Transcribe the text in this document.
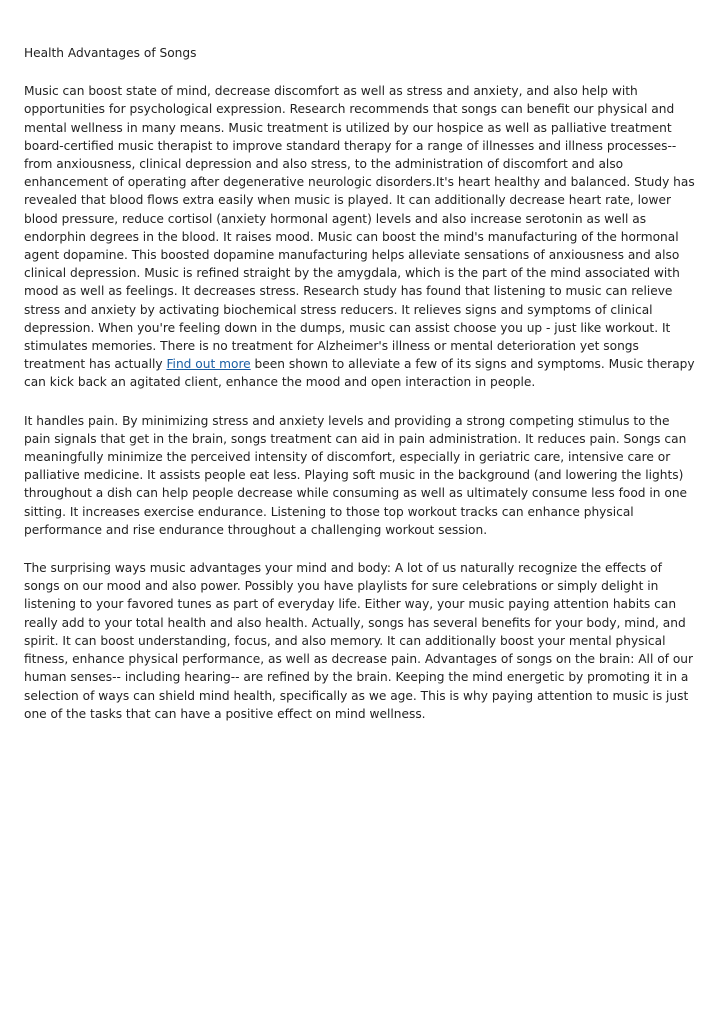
Health Advantages of Songs

Music can boost state of mind, decrease discomfort as well as stress and anxiety, and also help with opportunities for psychological expression. Research recommends that songs can benefit our physical and mental wellness in many means. Music treatment is utilized by our hospice as well as palliative treatment board-certified music therapist to improve standard therapy for a range of illnesses and illness processes-- from anxiousness, clinical depression and also stress, to the administration of discomfort and also enhancement of operating after degenerative neurologic disorders.It's heart healthy and balanced. Study has revealed that blood flows extra easily when music is played. It can additionally decrease heart rate, lower blood pressure, reduce cortisol (anxiety hormonal agent) levels and also increase serotonin as well as endorphin degrees in the blood. It raises mood. Music can boost the mind's manufacturing of the hormonal agent dopamine. This boosted dopamine manufacturing helps alleviate sensations of anxiousness and also clinical depression. Music is refined straight by the amygdala, which is the part of the mind associated with mood as well as feelings. It decreases stress. Research study has found that listening to music can relieve stress and anxiety by activating biochemical stress reducers. It relieves signs and symptoms of clinical depression. When you're feeling down in the dumps, music can assist choose you up - just like workout. It stimulates memories. There is no treatment for Alzheimer's illness or mental deterioration yet songs treatment has actually Find out more been shown to alleviate a few of its signs and symptoms. Music therapy can kick back an agitated client, enhance the mood and open interaction in people.

It handles pain. By minimizing stress and anxiety levels and providing a strong competing stimulus to the pain signals that get in the brain, songs treatment can aid in pain administration. It reduces pain. Songs can meaningfully minimize the perceived intensity of discomfort, especially in geriatric care, intensive care or palliative medicine. It assists people eat less. Playing soft music in the background (and lowering the lights) throughout a dish can help people decrease while consuming as well as ultimately consume less food in one sitting. It increases exercise endurance. Listening to those top workout tracks can enhance physical performance and rise endurance throughout a challenging workout session.

The surprising ways music advantages your mind and body: A lot of us naturally recognize the effects of songs on our mood and also power. Possibly you have playlists for sure celebrations or simply delight in listening to your favored tunes as part of everyday life. Either way, your music paying attention habits can really add to your total health and also health. Actually, songs has several benefits for your body, mind, and spirit. It can boost understanding, focus, and also memory. It can additionally boost your mental physical fitness, enhance physical performance, as well as decrease pain. Advantages of songs on the brain: All of our human senses-- including hearing-- are refined by the brain. Keeping the mind energetic by promoting it in a selection of ways can shield mind health, specifically as we age. This is why paying attention to music is just one of the tasks that can have a positive effect on mind wellness.
